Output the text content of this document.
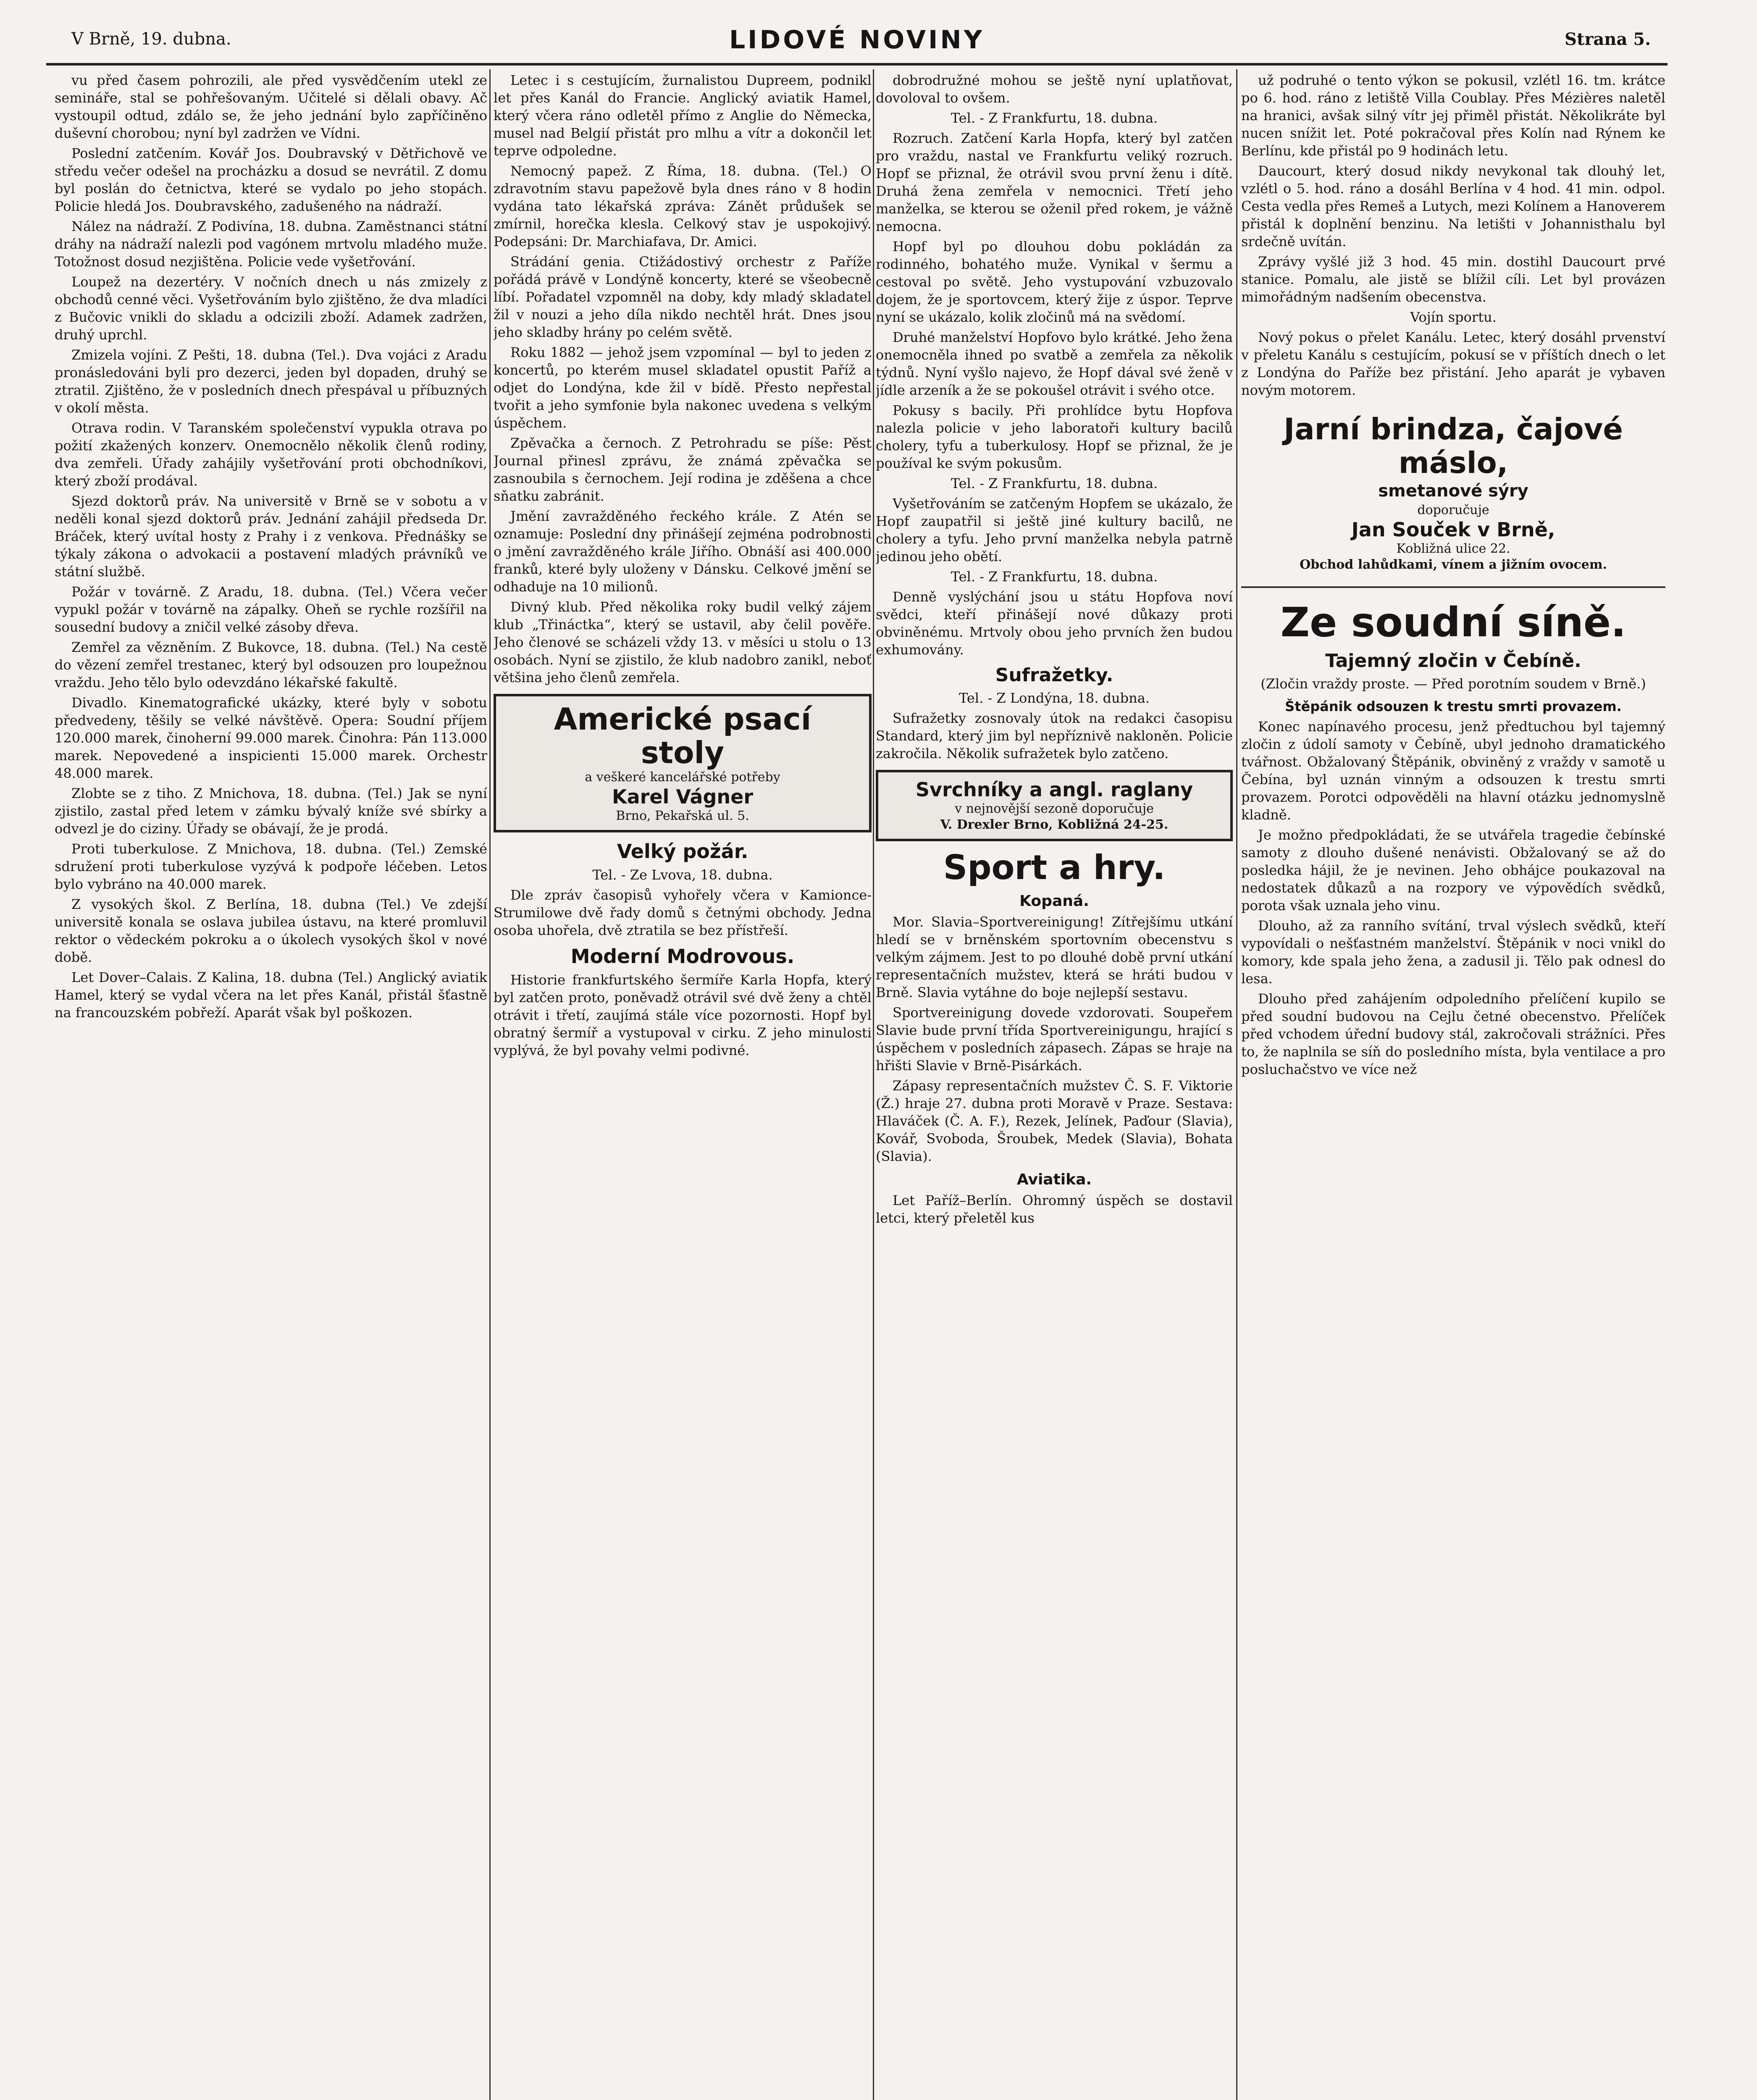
V Brně, 19. dubna.	LIDOVÉ NOVINY	Strana 5.

vu před časem pohrozili, ale před vysvědčením utekl ze semináře, stal se pohřešovaným. Učitelé si dělali obavy. Ač vystoupil odtud, zdálo se, že jeho jednání bylo zapříčiněno duševní chorobou; nyní byl zadržen ve Vídni.

Poslední zatčením. Kovář Jos. Doubravský v Dětřichově ve středu večer odešel na procházku a dosud se nevrátil. Z domu byl poslán do četnictva, které se vydalo po jeho stopách. Policie hledá Jos. Doubravského, zadušeného na nádraží.

Nález na nádraží. Z Podivína, 18. dubna. Zaměstnanci státní dráhy na nádraží nalezli pod vagónem mrtvolu mladého muže. Totožnost dosud nezjištěna. Policie vede vyšetřování.

Loupež na dezertéry. V nočních dnech u nás zmizely z obchodů cenné věci. Vyšetřováním bylo zjištěno, že dva mladíci z Bučovic vnikli do skladu a odcizili zboží. Adamek zadržen, druhý uprchl.

Zmizela vojíni. Z Pešti, 18. dubna (Tel.). Dva vojáci z Aradu pronásledováni byli pro dezerci, jeden byl dopaden, druhý se ztratil. Zjištěno, že v posledních dnech přespával u příbuzných v okolí města.

Otrava rodin. V Taranském společenství vypukla otrava po požití zkažených konzerv. Onemocnělo několik členů rodiny, dva zemřeli. Úřady zahájily vyšetřování proti obchodníkovi, který zboží prodával.

Sjezd doktorů práv. Na universitě v Brně se v sobotu a v neděli konal sjezd doktorů práv. Jednání zahájil předseda Dr. Bráček, který uvítal hosty z Prahy i z venkova. Přednášky se týkaly zákona o advokacii a postavení mladých právníků ve státní službě.

Požár v továrně. Z Aradu, 18. dubna. (Tel.) Včera večer vypukl požár v továrně na zápalky. Oheň se rychle rozšířil na sousední budovy a zničil velké zásoby dřeva.

Zemřel za vězněním. Z Bukovce, 18. dubna. (Tel.) Na cestě do vězení zemřel trestanec, který byl odsouzen pro loupežnou vraždu. Jeho tělo bylo odevzdáno lékařské fakultě.

Divadlo. Kinematografické ukázky, které byly v sobotu předvedeny, těšily se velké návštěvě. Opera: Soudní příjem 120.000 marek, činoherní 99.000 marek. Činohra: Pán 113.000 marek. Nepovedené a inspicienti 15.000 marek. Orchestr 48.000 marek.

Zlobte se z tiho. Z Mnichova, 18. dubna. (Tel.) Jak se nyní zjistilo, zastal před letem v zámku bývalý kníže své sbírky a odvezl je do ciziny. Úřady se obávají, že je prodá.

Proti tuberkulose. Z Mnichova, 18. dubna. (Tel.) Zemské sdružení proti tuberkulose vyzývá k podpoře léčeben. Letos bylo vybráno na 40.000 marek.

Z vysokých škol. Z Berlína, 18. dubna (Tel.) Ve zdejší universitě konala se oslava jubilea ústavu, na které promluvil rektor o vědeckém pokroku a o úkolech vysokých škol v nové době.

Let Dover–Calais. Z Kalina, 18. dubna (Tel.) Anglický aviatik Hamel, který se vydal včera na let přes Kanál, přistál šťastně na francouzském pobřeží. Aparát však byl poškozen.

Letec i s cestujícím, žurnalistou Dupreem, podnikl let přes Kanál do Francie. Anglický aviatik Hamel, který včera ráno odletěl přímo z Anglie do Německa, musel nad Belgií přistát pro mlhu a vítr a dokončil let teprve odpoledne.

Nemocný papež. Z Říma, 18. dubna. (Tel.) O zdravotním stavu papežově byla dnes ráno v 8 hodin vydána tato lékařská zpráva: Zánět průdušek se zmírnil, horečka klesla. Celkový stav je uspokojivý. Podepsáni: Dr. Marchiafava, Dr. Amici.

Strádání genia. Ctižádostivý orchestr z Paříže pořádá právě v Londýně koncerty, které se všeobecně líbí. Pořadatel vzpomněl na doby, kdy mladý skladatel žil v nouzi a jeho díla nikdo nechtěl hrát. Dnes jsou jeho skladby hrány po celém světě.

Roku 1882 — jehož jsem vzpomínal — byl to jeden z koncertů, po kterém musel skladatel opustit Paříž a odjet do Londýna, kde žil v bídě. Přesto nepřestal tvořit a jeho symfonie byla nakonec uvedena s velkým úspěchem.

Zpěvačka a černoch. Z Petrohradu se píše: Pěst Journal přinesl zprávu, že známá zpěvačka se zasnoubila s černochem. Její rodina je zděšena a chce sňatku zabránit.

Jmění zavražděného řeckého krále. Z Atén se oznamuje: Poslední dny přinášejí zejména podrobnosti o jmění zavražděného krále Jiřího. Obnáší asi 400.000 franků, které byly uloženy v Dánsku. Celkové jmění se odhaduje na 10 milionů.

Divný klub. Před několika roky budil velký zájem klub „Třináctka“, který se ustavil, aby čelil pověře. Jeho členové se scházeli vždy 13. v měsíci u stolu o 13 osobách. Nyní se zjistilo, že klub nadobro zanikl, neboť většina jeho členů zemřela.

Americké psací
stoly
a veškeré kancelářské potřeby
Karel Vágner
Brno, Pekařská ul. 5.
Velký požár.
Tel. - Ze Lvova, 18. dubna.

Dle zpráv časopisů vyhořely včera v Kamionce-Strumilowe dvě řady domů s četnými obchody. Jedna osoba uhořela, dvě ztratila se bez přístřeší.

Moderní Modrovous.

Historie frankfurtského šermíře Karla Hopfa, který byl zatčen proto, poněvadž otrávil své dvě ženy a chtěl otrávit i třetí, zaujímá stále více pozornosti. Hopf byl obratný šermíř a vystupoval v cirku. Z jeho minulosti vyplývá, že byl povahy velmi podivné.

dobrodružné mohou se ještě nyní uplatňovat, dovoloval to ovšem.

Tel. - Z Frankfurtu, 18. dubna.

Rozruch. Zatčení Karla Hopfa, který byl zatčen pro vraždu, nastal ve Frankfurtu veliký rozruch. Hopf se přiznal, že otrávil svou první ženu i dítě. Druhá žena zemřela v nemocnici. Třetí jeho manželka, se kterou se oženil před rokem, je vážně nemocna.

Hopf byl po dlouhou dobu pokládán za rodinného, bohatého muže. Vynikal v šermu a cestoval po světě. Jeho vystupování vzbuzovalo dojem, že je sportovcem, který žije z úspor. Teprve nyní se ukázalo, kolik zločinů má na svědomí.

Druhé manželství Hopfovo bylo krátké. Jeho žena onemocněla ihned po svatbě a zemřela za několik týdnů. Nyní vyšlo najevo, že Hopf dával své ženě v jídle arzeník a že se pokoušel otrávit i svého otce.

Pokusy s bacily. Při prohlídce bytu Hopfova nalezla policie v jeho laboratoři kultury bacilů cholery, tyfu a tuberkulosy. Hopf se přiznal, že je používal ke svým pokusům.

Tel. - Z Frankfurtu, 18. dubna.

Vyšetřováním se zatčeným Hopfem se ukázalo, že Hopf zaupatřil si ještě jiné kultury bacilů, ne cholery a tyfu. Jeho první manželka nebyla patrně jedinou jeho obětí.

Tel. - Z Frankfurtu, 18. dubna.

Denně vyslýchání jsou u státu Hopfova noví svědci, kteří přinášejí nové důkazy proti obviněnému. Mrtvoly obou jeho prvních žen budou exhumovány.

Sufražetky.
Tel. - Z Londýna, 18. dubna.

Sufražetky zosnovaly útok na redakci časopisu Standard, který jim byl nepříznivě nakloněn. Policie zakročila. Několik sufražetek bylo zatčeno.

Svrchníky a angl. raglany
v nejnovější sezoně doporučuje
V. Drexler Brno, Kobližná 24-25.
Sport a hry.
Kopaná.

Mor. Slavia–Sportvereinigung! Zítřejšímu utkání hledí se v brněnském sportovním obecenstvu s velkým zájmem. Jest to po dlouhé době první utkání representačních mužstev, která se hráti budou v Brně. Slavia vytáhne do boje nejlepší sestavu.

Sportvereinigung dovede vzdorovati. Soupeřem Slavie bude první třída Sportvereinigungu, hrající s úspěchem v posledních zápasech. Zápas se hraje na hřišti Slavie v Brně-Pisárkách.

Zápasy representačních mužstev Č. S. F. Viktorie (Ž.) hraje 27. dubna proti Moravě v Praze. Sestava: Hlaváček (Č. A. F.), Rezek, Jelínek, Paďour (Slavia), Kovář, Svoboda, Šroubek, Medek (Slavia), Bohata (Slavia).

Aviatika.

Let Paříž–Berlín. Ohromný úspěch se dostavil letci, který přeletěl kus

už podruhé o tento výkon se pokusil, vzlétl 16. tm. krátce po 6. hod. ráno z letiště Villa Coublay. Přes Mézières naletěl na hranici, avšak silný vítr jej přiměl přistát. Několikráte byl nucen snížit let. Poté pokračoval přes Kolín nad Rýnem ke Berlínu, kde přistál po 9 hodinách letu.

Daucourt, který dosud nikdy nevykonal tak dlouhý let, vzlétl o 5. hod. ráno a dosáhl Berlína v 4 hod. 41 min. odpol. Cesta vedla přes Remeš a Lutych, mezi Kolínem a Hanoverem přistál k doplnění benzinu. Na letišti v Johannisthalu byl srdečně uvítán.

Zprávy vyšlé již 3 hod. 45 min. dostihl Daucourt prvé stanice. Pomalu, ale jistě se blížil cíli. Let byl provázen mimořádným nadšením obecenstva.

Vojín sportu.

Nový pokus o přelet Kanálu. Letec, který dosáhl prvenství v přeletu Kanálu s cestujícím, pokusí se v příštích dnech o let z Londýna do Paříže bez přistání. Jeho aparát je vybaven novým motorem.

Jarní brindza, čajové máslo,
smetanové sýry
doporučuje
Jan Souček v Brně,
Kobližná ulice 22.
Obchod lahůdkami, vínem a jižním ovocem.
Ze soudní síně.
Tajemný zločin v Čebíně.
(Zločin vraždy proste. — Před porotním soudem v Brně.)
Štěpánik odsouzen k trestu smrti provazem.

Konec napínavého procesu, jenž předtuchou byl tajemný zločin z údolí samoty v Čebíně, ubyl jednoho dramatického tvářnost. Obžalovaný Štěpánik, obviněný z vraždy v samotě u Čebína, byl uznán vinným a odsouzen k trestu smrti provazem. Porotci odpověděli na hlavní otázku jednomyslně kladně.

Je možno předpokládati, že se utvářela tragedie čebínské samoty z dlouho dušené nenávisti. Obžalovaný se až do posledka hájil, že je nevinen. Jeho obhájce poukazoval na nedostatek důkazů a na rozpory ve výpovědích svědků, porota však uznala jeho vinu.

Dlouho, až za ranního svítání, trval výslech svědků, kteří vypovídali o nešťastném manželství. Štěpánik v noci vnikl do komory, kde spala jeho žena, a zadusil ji. Tělo pak odnesl do lesa.

Dlouho před zahájením odpoledního přelíčení kupilo se před soudní budovou na Cejlu četné obecenstvo. Přelíček před vchodem úřední budovy stál, zakročovali strážníci. Přes to, že naplnila se síň do posledního místa, byla ventilace a pro posluchačstvo ve více než
